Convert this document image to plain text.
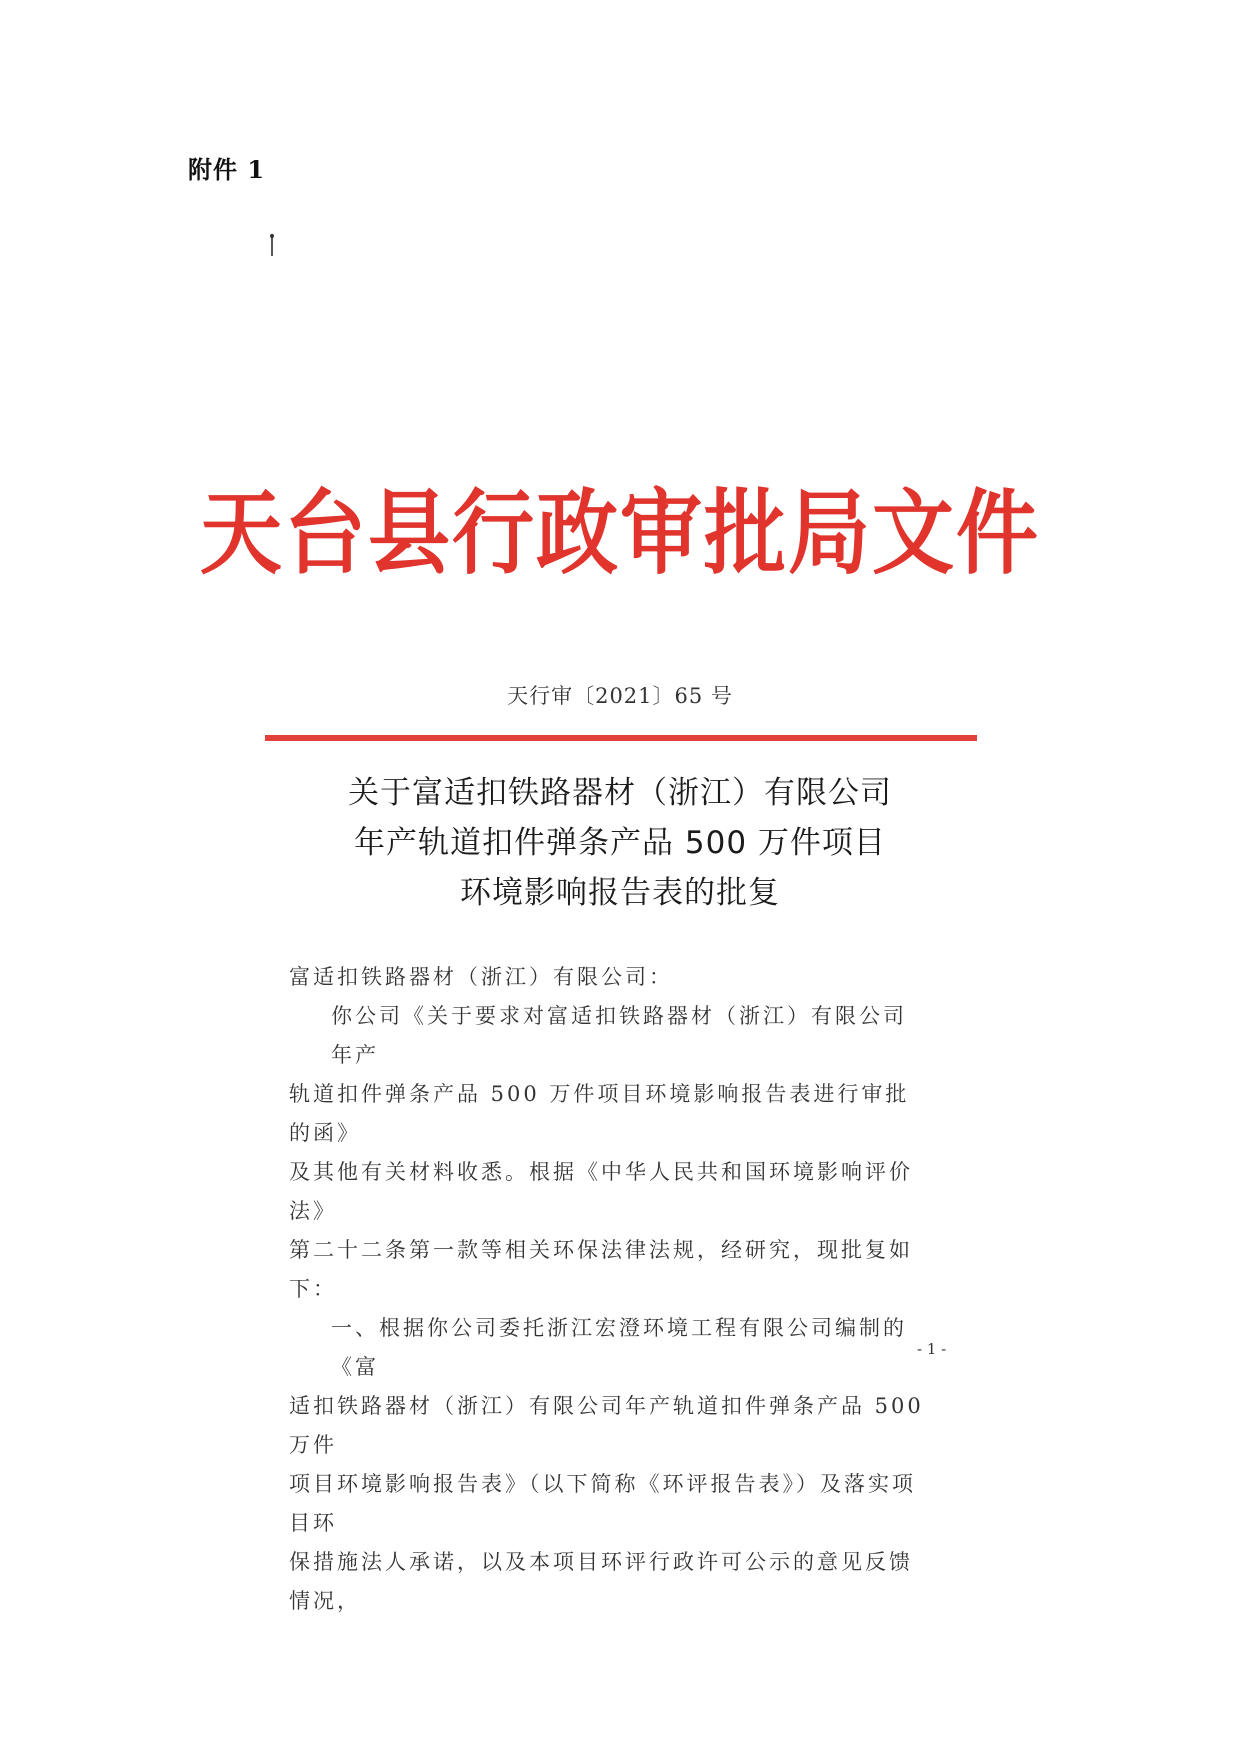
附件 1
天台县行政审批局文件
天行审〔2021〕65 号
关于富适扣铁路器材（浙江）有限公司
年产轨道扣件弹条产品 500 万件项目
环境影响报告表的批复

富适扣铁路器材（浙江）有限公司：

你公司《关于要求对富适扣铁路器材（浙江）有限公司年产

轨道扣件弹条产品 500 万件项目环境影响报告表进行审批的函》

及其他有关材料收悉。根据《中华人民共和国环境影响评价法》

第二十二条第一款等相关环保法律法规，经研究，现批复如下：

一、根据你公司委托浙江宏澄环境工程有限公司编制的《富

适扣铁路器材（浙江）有限公司年产轨道扣件弹条产品 500 万件

项目环境影响报告表》（以下简称《环评报告表》）及落实项目环

保措施法人承诺，以及本项目环评行政许可公示的意见反馈情况，

- 1 -
